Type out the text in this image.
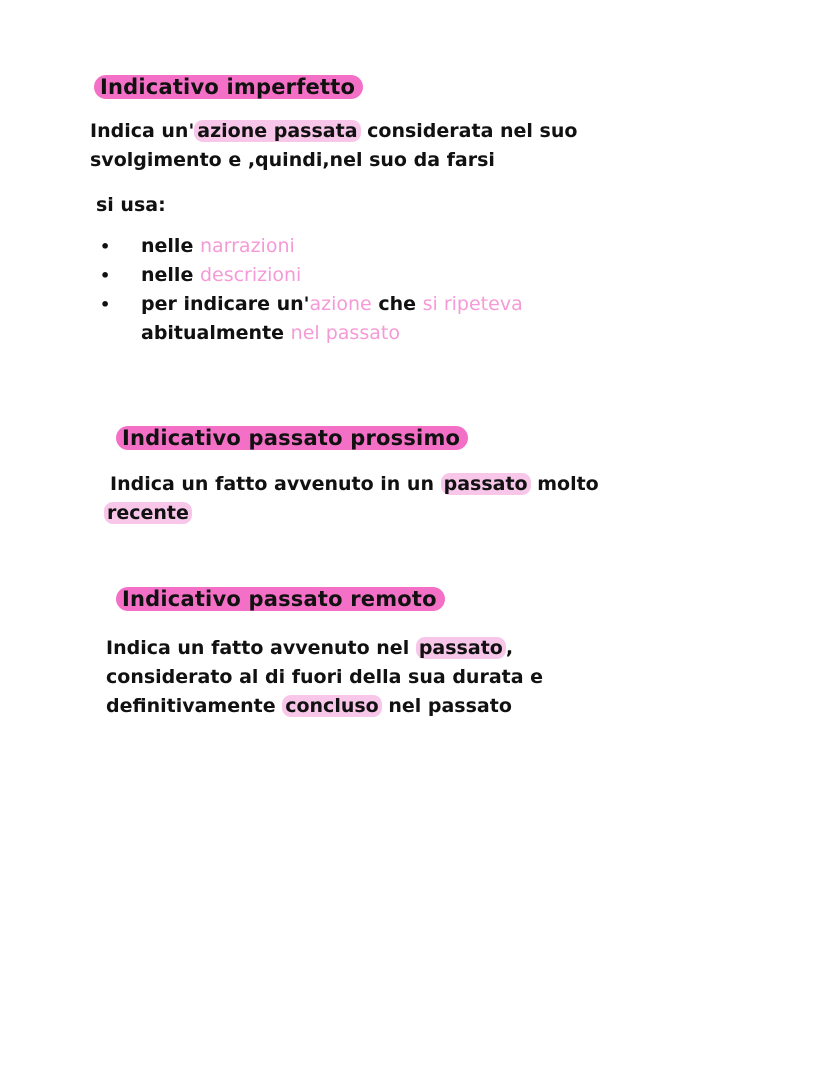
Indicativo imperfetto
Indica un' azione passata considerata nel suo
svolgimento e ,quindi,nel suo da farsi
si usa:
• nelle narrazioni
• nelle descrizioni
• per indicare un'azione che si ripeteva
abitualmente nel passato
Indicativo passato prossimo
Indica un fatto avvenuto in un passato molto
recente
Indicativo passato remoto
Indica un fatto avvenuto nel passato ,
considerato al di fuori della sua durata e
definitivamente concluso nel passato
